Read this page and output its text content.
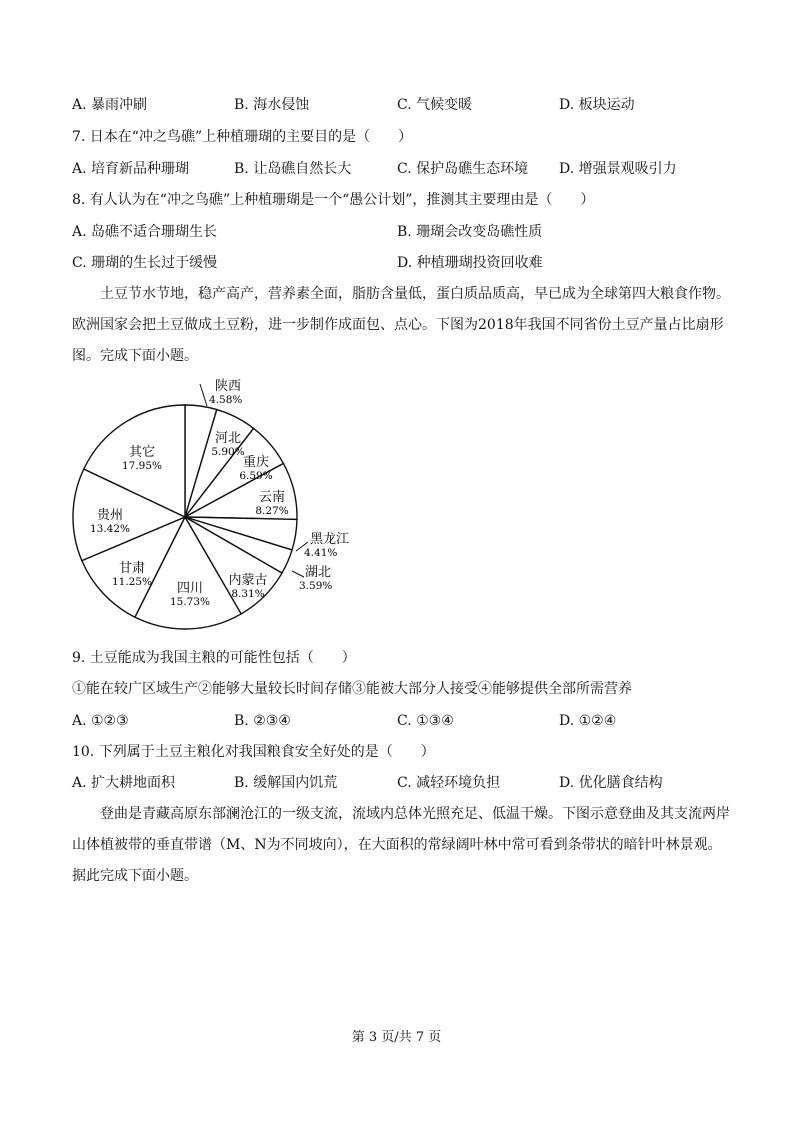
A. 暴雨冲刷	B. 海水侵蚀	C. 气候变暖	D. 板块运动
7. 日本在“冲之鸟礁”上种植珊瑚的主要目的是（　　）
A. 培育新品种珊瑚	B. 让岛礁自然长大	C. 保护岛礁生态环境 D. 增强景观吸引力
8. 有人认为在“冲之鸟礁”上种植珊瑚是一个“愚公计划”，推测其主要理由是（　　）
A. 岛礁不适合珊瑚生长	B. 珊瑚会改变岛礁性质
C. 珊瑚的生长过于缓慢	D. 种植珊瑚投资回收难

土豆节水节地，稳产高产，营养素全面，脂肪含量低，蛋白质品质高，早已成为全球第四大粮食作物。欧洲国家会把土豆做成土豆粉，进一步制作成面包、点心。下图为2018年我国不同省份土豆产量占比扇形图。完成下面小题。

陕西
4.58%
河北
5.90%
重庆
6.59%
云南
8.27%
黑龙江
4.41%
湖北
3.59%
内蒙古
8.31%
四川
15.73%
甘肃
11.25%
贵州
13.42%
其它
17.95%
9. 土豆能成为我国主粮的可能性包括（　　）
①能在较广区域生产②能够大量较长时间存储③能被大部分人接受④能够提供全部所需营养
A. ①②③	B. ②③④	C. ①③④	D. ①②④
10. 下列属于土豆主粮化对我国粮食安全好处的是（　　）
A. 扩大耕地面积	B. 缓解国内饥荒	C. 减轻环境负担	D. 优化膳食结构

登曲是青藏高原东部澜沧江的一级支流，流域内总体光照充足、低温干燥。下图示意登曲及其支流两岸山体植被带的垂直带谱（M、N为不同坡向），在大面积的常绿阔叶林中常可看到条带状的暗针叶林景观。据此完成下面小题。

第 3 页/共 7 页
